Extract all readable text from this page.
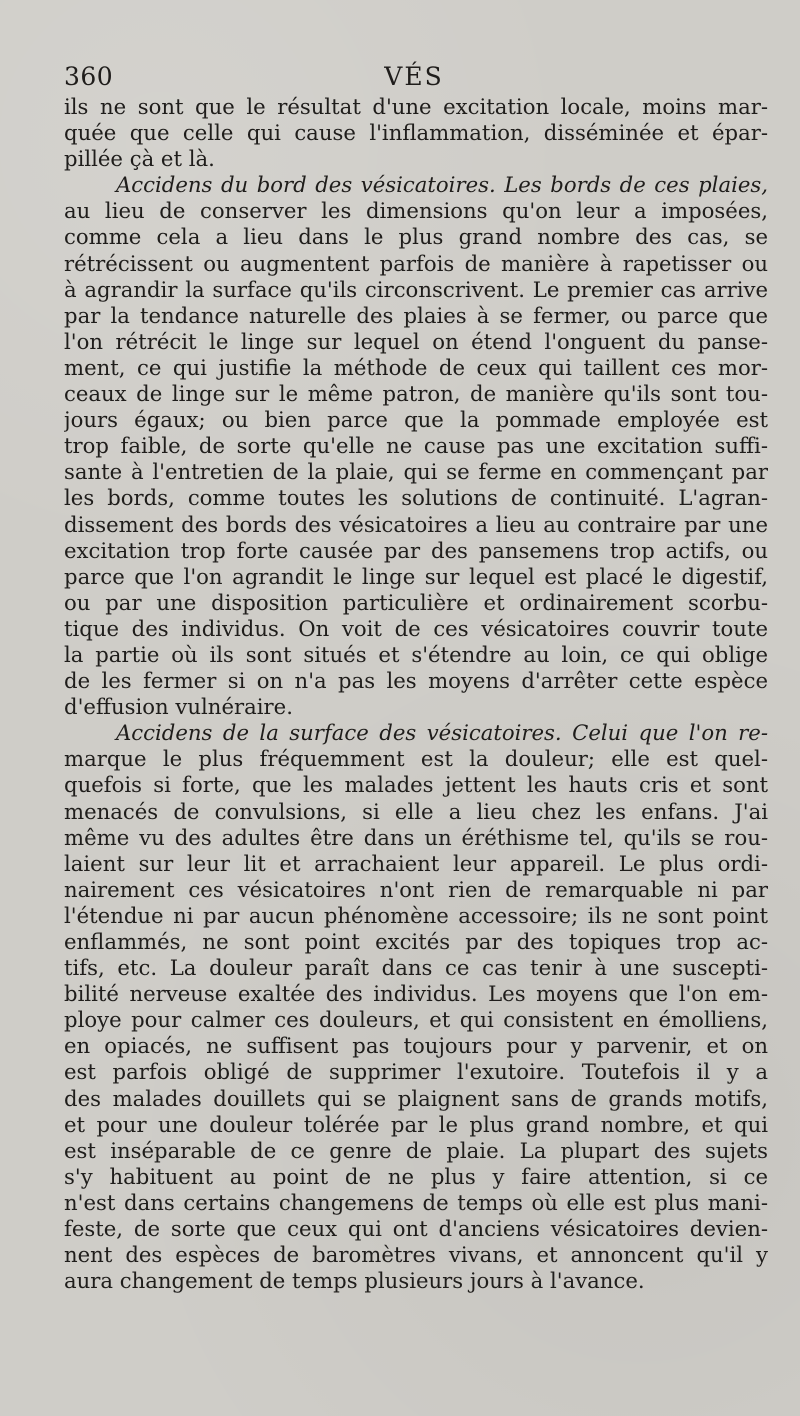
360	VÉS
ils ne sont que le résultat d'une excitation locale, moins mar-
quée que celle qui cause l'inflammation, disséminée et épar-
pillée çà et là.
Accidens du bord des vésicatoires. Les bords de ces plaies,
au lieu de conserver les dimensions qu'on leur a imposées,
comme cela a lieu dans le plus grand nombre des cas, se
rétrécissent ou augmentent parfois de manière à rapetisser ou
à agrandir la surface qu'ils circonscrivent. Le premier cas arrive
par la tendance naturelle des plaies à se fermer, ou parce que
l'on rétrécit le linge sur lequel on étend l'onguent du panse-
ment, ce qui justifie la méthode de ceux qui taillent ces mor-
ceaux de linge sur le même patron, de manière qu'ils sont tou-
jours égaux; ou bien parce que la pommade employée est
trop faible, de sorte qu'elle ne cause pas une excitation suffi-
sante à l'entretien de la plaie, qui se ferme en commençant par
les bords, comme toutes les solutions de continuité. L'agran-
dissement des bords des vésicatoires a lieu au contraire par une
excitation trop forte causée par des pansemens trop actifs, ou
parce que l'on agrandit le linge sur lequel est placé le digestif,
ou par une disposition particulière et ordinairement scorbu-
tique des individus. On voit de ces vésicatoires couvrir toute
la partie où ils sont situés et s'étendre au loin, ce qui oblige
de les fermer si on n'a pas les moyens d'arrêter cette espèce
d'effusion vulnéraire.
Accidens de la surface des vésicatoires. Celui que l'on re-
marque le plus fréquemment est la douleur; elle est quel-
quefois si forte, que les malades jettent les hauts cris et sont
menacés de convulsions, si elle a lieu chez les enfans. J'ai
même vu des adultes être dans un éréthisme tel, qu'ils se rou-
laient sur leur lit et arrachaient leur appareil. Le plus ordi-
nairement ces vésicatoires n'ont rien de remarquable ni par
l'étendue ni par aucun phénomène accessoire; ils ne sont point
enflammés, ne sont point excités par des topiques trop ac-
tifs, etc. La douleur paraît dans ce cas tenir à une suscepti-
bilité nerveuse exaltée des individus. Les moyens que l'on em-
ploye pour calmer ces douleurs, et qui consistent en émolliens,
en opiacés, ne suffisent pas toujours pour y parvenir, et on
est parfois obligé de supprimer l'exutoire. Toutefois il y a
des malades douillets qui se plaignent sans de grands motifs,
et pour une douleur tolérée par le plus grand nombre, et qui
est inséparable de ce genre de plaie. La plupart des sujets
s'y habituent au point de ne plus y faire attention, si ce
n'est dans certains changemens de temps où elle est plus mani-
feste, de sorte que ceux qui ont d'anciens vésicatoires devien-
nent des espèces de baromètres vivans, et annoncent qu'il y
aura changement de temps plusieurs jours à l'avance.
